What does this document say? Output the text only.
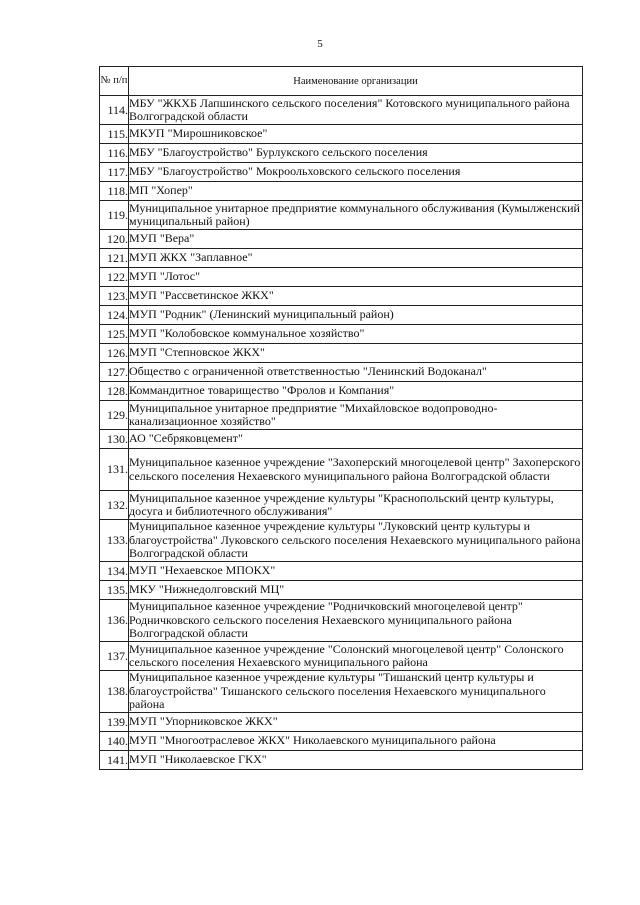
5
№ п/п	Наименование организации
114.	МБУ "ЖКХБ Лапшинского сельского поселения" Котовского муниципального района Волгоградской области
115.	МКУП "Мирошниковское"
116.	МБУ "Благоустройство" Бурлукского сельского поселения
117.	МБУ "Благоустройство" Мокроольховского сельского поселения
118.	МП "Хопер"
119.	Муниципальное унитарное предприятие коммунального обслуживания (Кумылженский муниципальный район)
120.	МУП "Вера"
121.	МУП ЖКХ "Заплавное"
122.	МУП "Лотос"
123.	МУП "Рассветинское ЖКХ"
124.	МУП "Родник" (Ленинский муниципальный район)
125.	МУП "Колобовское коммунальное хозяйство"
126.	МУП "Степновское ЖКХ"
127.	Общество с ограниченной ответственностью "Ленинский Водоканал"
128.	Коммандитное товарищество "Фролов и Компания"
129.	Муниципальное унитарное предприятие "Михайловское водопроводно-канализационное хозяйство"
130.	АО "Себряковцемент"
131.	Муниципальное казенное учреждение "Захоперский многоцелевой центр" Захоперского сельского поселения Нехаевского муниципального района Волгоградской области
132.	Муниципальное казенное учреждение культуры "Краснопольский центр культуры, досуга и библиотечного обслуживания"
133.	Муниципальное казенное учреждение культуры "Луковский центр культуры и благоустройства" Луковского сельского поселения Нехаевского муниципального района Волгоградской области
134.	МУП "Нехаевское МПОКХ"
135.	МКУ "Нижнедолговский МЦ"
136.	Муниципальное казенное учреждение "Родничковский многоцелевой центр" Родничковского сельского поселения Нехаевского муниципального района Волгоградской области
137.	Муниципальное казенное учреждение "Солонский многоцелевой центр" Солонского сельского поселения Нехаевского муниципального района
138.	Муниципальное казенное учреждение культуры "Тишанский центр культуры и благоустройства" Тишанского сельского поселения Нехаевского муниципального района
139.	МУП "Упорниковское ЖКХ"
140.	МУП "Многоотраслевое ЖКХ" Николаевского муниципального района
141.	МУП "Николаевское ГКХ"
